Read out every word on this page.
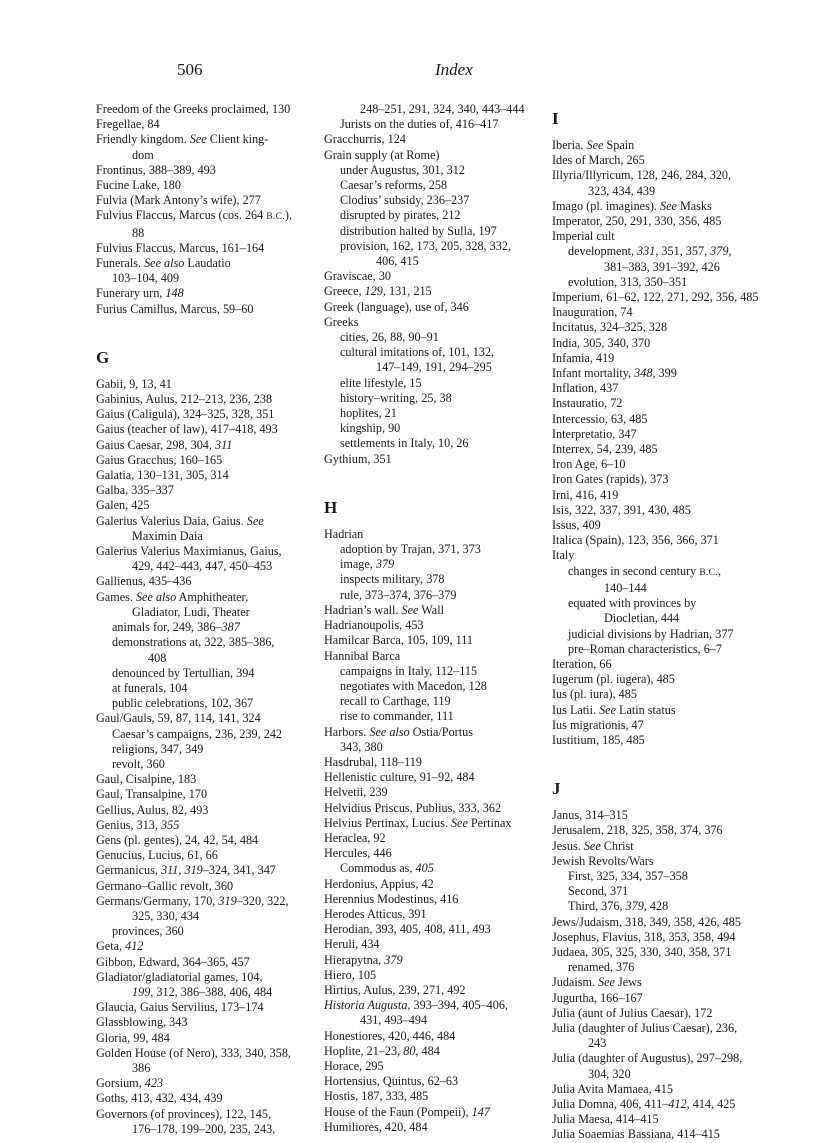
506	Index
Freedom of the Greeks proclaimed, 130
Fregellae, 84
Friendly kingdom. See Client king-
dom
Frontinus, 388–389, 493
Fucine Lake, 180
Fulvia (Mark Antony’s wife), 277
Fulvius Flaccus, Marcus (cos. 264 B.C.),
88
Fulvius Flaccus, Marcus, 161–164
Funerals. See also Laudatio
103–104, 409
Funerary urn, 148
Furius Camillus, Marcus, 59–60
G
Gabii, 9, 13, 41
Gabinius, Aulus, 212–213, 236, 238
Gaius (Caligula), 324–325, 328, 351
Gaius (teacher of law), 417–418, 493
Gaius Caesar, 298, 304, 311
Gaius Gracchus, 160–165
Galatia, 130–131, 305, 314
Galba, 335–337
Galen, 425
Galerius Valerius Daia, Gaius. See
Maximin Daia
Galerius Valerius Maximianus, Gaius,
429, 442–443, 447, 450–453
Gallienus, 435–436
Games. See also Amphitheater,
Gladiator, Ludi, Theater
animals for, 249, 386–387
demonstrations at, 322, 385–386,
408
denounced by Tertullian, 394
at funerals, 104
public celebrations, 102, 367
Gaul/Gauls, 59, 87, 114, 141, 324
Caesar’s campaigns, 236, 239, 242
religions, 347, 349
revolt, 360
Gaul, Cisalpine, 183
Gaul, Transalpine, 170
Gellius, Aulus, 82, 493
Genius, 313, 355
Gens (pl. gentes), 24, 42, 54, 484
Genucius, Lucius, 61, 66
Germanicus, 311, 319–324, 341, 347
Germano–Gallic revolt, 360
Germans/Germany, 170, 319–320, 322,
325, 330, 434
provinces, 360
Geta, 412
Gibbon, Edward, 364–365, 457
Gladiator/gladiatorial games, 104,
199, 312, 386–388, 406, 484
Glaucia, Gaius Servilius, 173–174
Glassblowing, 343
Gloria, 99, 484
Golden House (of Nero), 333, 340, 358,
386
Gorsium, 423
Goths, 413, 432, 434, 439
Governors (of provinces), 122, 145,
176–178, 199–200, 235, 243,
248–251, 291, 324, 340, 443–444
Jurists on the duties of, 416–417
Gracchurris, 124
Grain supply (at Rome)
under Augustus, 301, 312
Caesar’s reforms, 258
Clodius’ subsidy, 236–237
disrupted by pirates, 212
distribution halted by Sulla, 197
provision, 162, 173, 205, 328, 332,
406, 415
Graviscae, 30
Greece, 129, 131, 215
Greek (language), use of, 346
Greeks
cities, 26, 88, 90–91
cultural imitations of, 101, 132,
147–149, 191, 294–295
elite lifestyle, 15
history–writing, 25, 38
hoplites, 21
kingship, 90
settlements in Italy, 10, 26
Gythium, 351
H
Hadrian
adoption by Trajan, 371, 373
image, 379
inspects military, 378
rule, 373–374, 376–379
Hadrian’s wall. See Wall
Hadrianoupolis, 453
Hamilcar Barca, 105, 109, 111
Hannibal Barca
campaigns in Italy, 112–115
negotiates with Macedon, 128
recall to Carthage, 119
rise to commander, 111
Harbors. See also Ostia/Portus
343, 380
Hasdrubal, 118–119
Hellenistic culture, 91–92, 484
Helvetii, 239
Helvidius Priscus, Publius, 333, 362
Helvius Pertinax, Lucius. See Pertinax
Heraclea, 92
Hercules, 446
Commodus as, 405
Herdonius, Appius, 42
Herennius Modestinus, 416
Herodes Atticus, 391
Herodian, 393, 405, 408, 411, 493
Heruli, 434
Hierapytna, 379
Hiero, 105
Hirtius, Aulus, 239, 271, 492
Historia Augusta, 393–394, 405–406,
431, 493–494
Honestiores, 420, 446, 484
Hoplite, 21–23, 80, 484
Horace, 295
Hortensius, Quintus, 62–63
Hostis, 187, 333, 485
House of the Faun (Pompeii), 147
Humiliores, 420, 484
I
Iberia. See Spain
Ides of March, 265
Illyria/Illyricum, 128, 246, 284, 320,
323, 434, 439
Imago (pl. imagines). See Masks
Imperator, 250, 291, 330, 356, 485
Imperial cult
development, 331, 351, 357, 379,
381–383, 391–392, 426
evolution, 313, 350–351
Imperium, 61–62, 122, 271, 292, 356, 485
Inauguration, 74
Incitatus, 324–325, 328
India, 305, 340, 370
Infamia, 419
Infant mortality, 348, 399
Inflation, 437
Instauratio, 72
Intercessio, 63, 485
Interpretatio, 347
Interrex, 54, 239, 485
Iron Age, 6–10
Iron Gates (rapids), 373
Irni, 416, 419
Isis, 322, 337, 391, 430, 485
Issus, 409
Italica (Spain), 123, 356, 366, 371
Italy
changes in second century B.C.,
140–144
equated with provinces by
Diocletian, 444
judicial divisions by Hadrian, 377
pre–Roman characteristics, 6–7
Iteration, 66
Iugerum (pl. iugera), 485
Ius (pl. iura), 485
Ius Latii. See Latin status
Ius migrationis, 47
Iustitium, 185, 485
J
Janus, 314–315
Jerusalem, 218, 325, 358, 374, 376
Jesus. See Christ
Jewish Revolts/Wars
First, 325, 334, 357–358
Second, 371
Third, 376, 379, 428
Jews/Judaism, 318, 349, 358, 426, 485
Josephus, Flavius, 318, 353, 358, 494
Judaea, 305, 325, 330, 340, 358, 371
renamed, 376
Judaism. See Jews
Jugurtha, 166–167
Julia (aunt of Julius Caesar), 172
Julia (daughter of Julius Caesar), 236,
243
Julia (daughter of Augustus), 297–298,
304, 320
Julia Avita Mamaea, 415
Julia Domna, 406, 411–412, 414, 425
Julia Maesa, 414–415
Julia Soaemias Bassiana, 414–415
